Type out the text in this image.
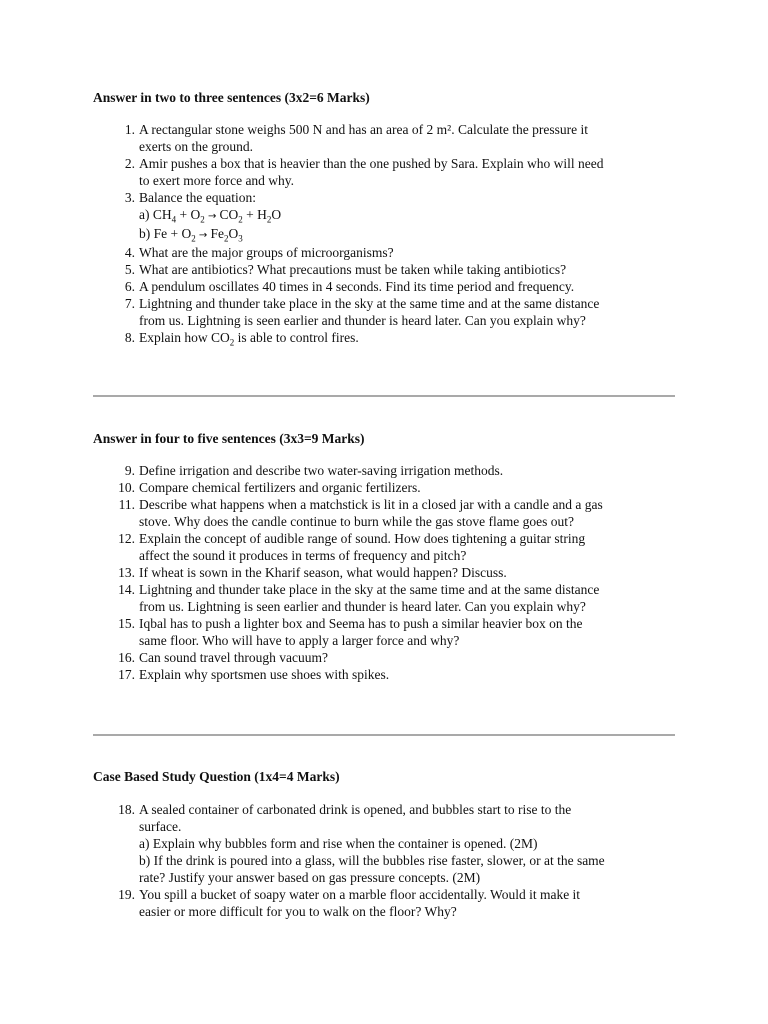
Answer in two to three sentences (3x2=6 Marks)

1. A rectangular stone weighs 500 N and has an area of 2 m². Calculate the pressure it
exerts on the ground.
2. Amir pushes a box that is heavier than the one pushed by Sara. Explain who will need
to exert more force and why.
3. Balance the equation:
a) $CH_4 + O_2 \to CO_2 + H_2O$
b) $Fe + O_2 \to Fe_2O_3$
4. What are the major groups of microorganisms?
5. What are antibiotics? What precautions must be taken while taking antibiotics?
6. A pendulum oscillates 40 times in 4 seconds. Find its time period and frequency.
7. Lightning and thunder take place in the sky at the same time and at the same distance
from us. Lightning is seen earlier and thunder is heard later. Can you explain why?
8. Explain how $CO_2$ is able to control fires.

Answer in four to five sentences (3x3=9 Marks)

9. Define irrigation and describe two water-saving irrigation methods.
10. Compare chemical fertilizers and organic fertilizers.
11. Describe what happens when a matchstick is lit in a closed jar with a candle and a gas
stove. Why does the candle continue to burn while the gas stove flame goes out?
12. Explain the concept of audible range of sound. How does tightening a guitar string
affect the sound it produces in terms of frequency and pitch?
13. If wheat is sown in the Kharif season, what would happen? Discuss.
14. Lightning and thunder take place in the sky at the same time and at the same distance
from us. Lightning is seen earlier and thunder is heard later. Can you explain why?
15. Iqbal has to push a lighter box and Seema has to push a similar heavier box on the
same floor. Who will have to apply a larger force and why?
16. Can sound travel through vacuum?
17. Explain why sportsmen use shoes with spikes.

Case Based Study Question (1x4=4 Marks)

18. A sealed container of carbonated drink is opened, and bubbles start to rise to the
surface.
a) Explain why bubbles form and rise when the container is opened. (2M)
b) If the drink is poured into a glass, will the bubbles rise faster, slower, or at the same
rate? Justify your answer based on gas pressure concepts. (2M)
19. You spill a bucket of soapy water on a marble floor accidentally. Would it make it
easier or more difficult for you to walk on the floor? Why?
